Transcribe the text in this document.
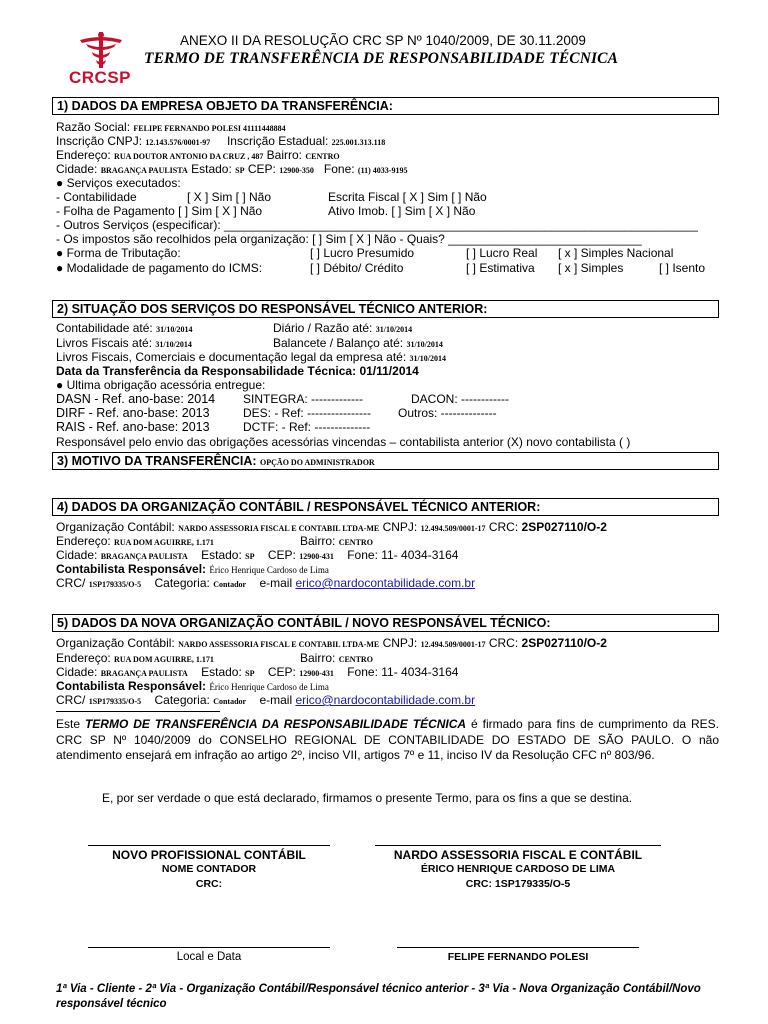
CRCSP
ANEXO II DA RESOLUÇÃO CRC SP Nº 1040/2009, DE 30.11.2009
TERMO DE TRANSFERÊNCIA DE RESPONSABILIDADE TÉCNICA
1) DADOS DA EMPRESA OBJETO DA TRANSFERÊNCIA:
Razão Social: FELIPE FERNANDO POLESI 41111448884
Inscrição CNPJ: 12.143.576/0001-97 Inscrição Estadual: 225.001.313.118
Endereço: RUA DOUTOR ANTONIO DA CRUZ , 487 Bairro: CENTRO
Cidade: BRAGANÇA PAULISTA Estado: SP CEP: 12900-350 Fone: (11) 4033-9195
● Serviços executados:
- Contabilidade	[ X ] Sim [ ] Não	Escrita Fiscal [ X ] Sim [ ] Não
- Folha de Pagamento [ ] Sim [ X ] Não	Ativo Imob. [ ] Sim [ X ] Não
- Outros Serviços (especificar): _______________________________________________________________________
- Os impostos são recolhidos pela organização: [ ] Sim [ X ] Não - Quais? _____________________________
● Forma de Tributação:	[ ] Lucro Presumido	[ ] Lucro Real [ x ] Simples Nacional
● Modalidade de pagamento do ICMS:	[ ] Débito/ Crédito	[ ] Estimativa [ x ] Simples	[ ] Isento
2) SITUAÇÃO DOS SERVIÇOS DO RESPONSÁVEL TÉCNICO ANTERIOR:
Contabilidade até: 31/10/2014	Diário / Razão até: 31/10/2014
Livros Fiscais até: 31/10/2014	Balancete / Balanço até: 31/10/2014
Livros Fiscais, Comerciais e documentação legal da empresa até: 31/10/2014
Data da Transferência da Responsabilidade Técnica: 01/11/2014
● Ultima obrigação acessória entregue:
DASN - Ref. ano-base: 2014 SINTEGRA: -------------	DACON: ------------
DIRF - Ref. ano-base: 2013	DES: - Ref: ---------------- Outros: --------------
RAIS - Ref. ano-base: 2013	DCTF: - Ref: --------------
Responsável pelo envio das obrigações acessórias vincendas – contabilista anterior (X) novo contabilista ( )
3) MOTIVO DA TRANSFERÊNCIA: OPÇÃO DO ADMINISTRADOR
4) DADOS DA ORGANIZAÇÃO CONTÁBIL / RESPONSÁVEL TÉCNICO ANTERIOR:
Organização Contábil: NARDO ASSESSORIA FISCAL E CONTABIL LTDA-ME CNPJ: 12.494.509/0001-17 CRC: 2SP027110/O-2
Endereço: RUA DOM AGUIRRE, 1.171	Bairro: CENTRO
Cidade: BRAGANÇA PAULISTA Estado: SP CEP: 12900-431 Fone: 11- 4034-3164
Contabilista Responsável: Érico Henrique Cardoso de Lima
CRC/ 1SP179335/O-5 Categoria: Contador e-mail erico@nardocontabilidade.com.br
5) DADOS DA NOVA ORGANIZAÇÃO CONTÁBIL / NOVO RESPONSÁVEL TÉCNICO:
Organização Contábil: NARDO ASSESSORIA FISCAL E CONTABIL LTDA-ME CNPJ: 12.494.509/0001-17 CRC: 2SP027110/O-2
Endereço: RUA DOM AGUIRRE, 1.171	Bairro: CENTRO
Cidade: BRAGANÇA PAULISTA Estado: SP CEP: 12900-431 Fone: 11- 4034-3164
Contabilista Responsável: Érico Henrique Cardoso de Lima
CRC/ 1SP179335/O-5 Categoria: Contador e-mail erico@nardocontabilidade.com.br
Este TERMO DE TRANSFERÊNCIA DA RESPONSABILIDADE TÉCNICA é firmado para fins de cumprimento da RES. CRC SP Nº 1040/2009 do CONSELHO REGIONAL DE CONTABILIDADE DO ESTADO DE SÃO PAULO. O não atendimento ensejará em infração ao artigo 2º, inciso VII, artigos 7º e 11, inciso IV da Resolução CFC nº 803/96.
E, por ser verdade o que está declarado, firmamos o presente Termo, para os fins a que se destina.
NOVO PROFISSIONAL CONTÁBIL
NOME CONTADOR
CRC:
NARDO ASSESSORIA FISCAL E CONTÁBIL
ÉRICO HENRIQUE CARDOSO DE LIMA
CRC: 1SP179335/O-5
Local e Data	FELIPE FERNANDO POLESI
1ª Via - Cliente - 2ª Via - Organização Contábil/Responsável técnico anterior - 3ª Via - Nova Organização Contábil/Novo responsável técnico
